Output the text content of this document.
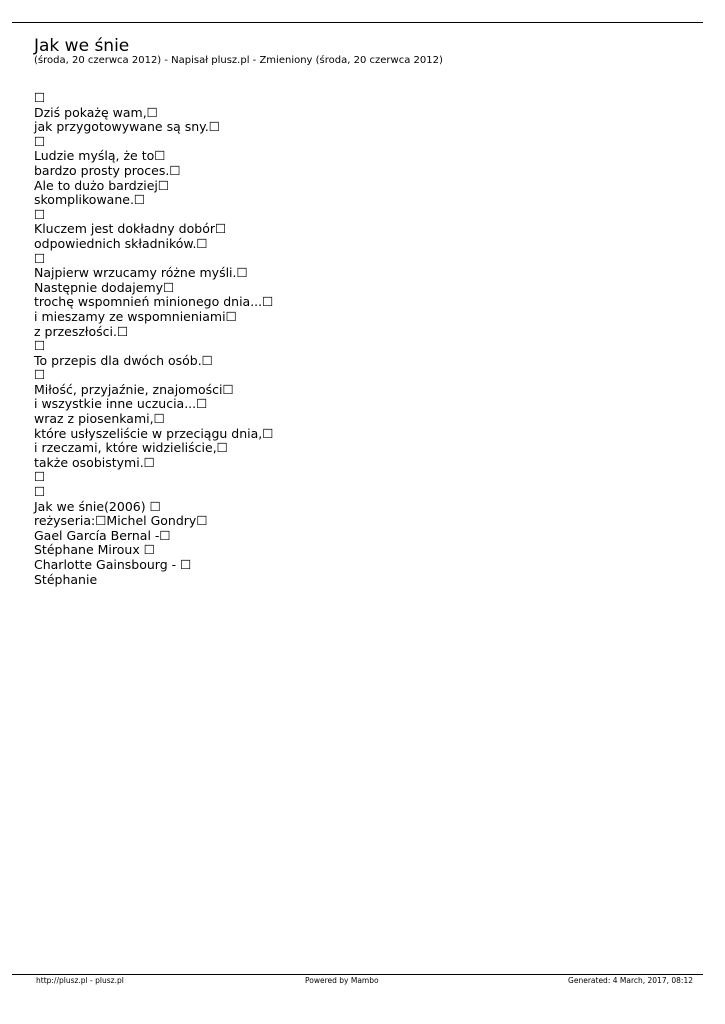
Jak we śnie
(środa, 20 czerwca 2012) - Napisał plusz.pl - Zmieniony (środa, 20 czerwca 2012)
☐
Dziś pokażę wam,☐
jak przygotowywane są sny.☐
☐
Ludzie myślą, że to☐
bardzo prosty proces.☐
Ale to dużo bardziej☐
skomplikowane.☐
☐
Kluczem jest dokładny dobór☐
odpowiednich składników.☐
☐
Najpierw wrzucamy różne myśli.☐
Następnie dodajemy☐
trochę wspomnień minionego dnia...☐
i mieszamy ze wspomnieniami☐
z przeszłości.☐
☐
To przepis dla dwóch osób.☐
☐
Miłość, przyjaźnie, znajomości☐
i wszystkie inne uczucia...☐
wraz z piosenkami,☐
które usłyszeliście w przeciągu dnia,☐
i rzeczami, które widzieliście,☐
także osobistymi.☐
☐
☐
Jak we śnie(2006) ☐
reżyseria:☐Michel Gondry☐
Gael García Bernal -☐
Stéphane Miroux ☐
Charlotte Gainsbourg - ☐
Stéphanie
http://plusz.pl - plusz.pl	Powered by Mambo	Generated: 4 March, 2017, 08:12
